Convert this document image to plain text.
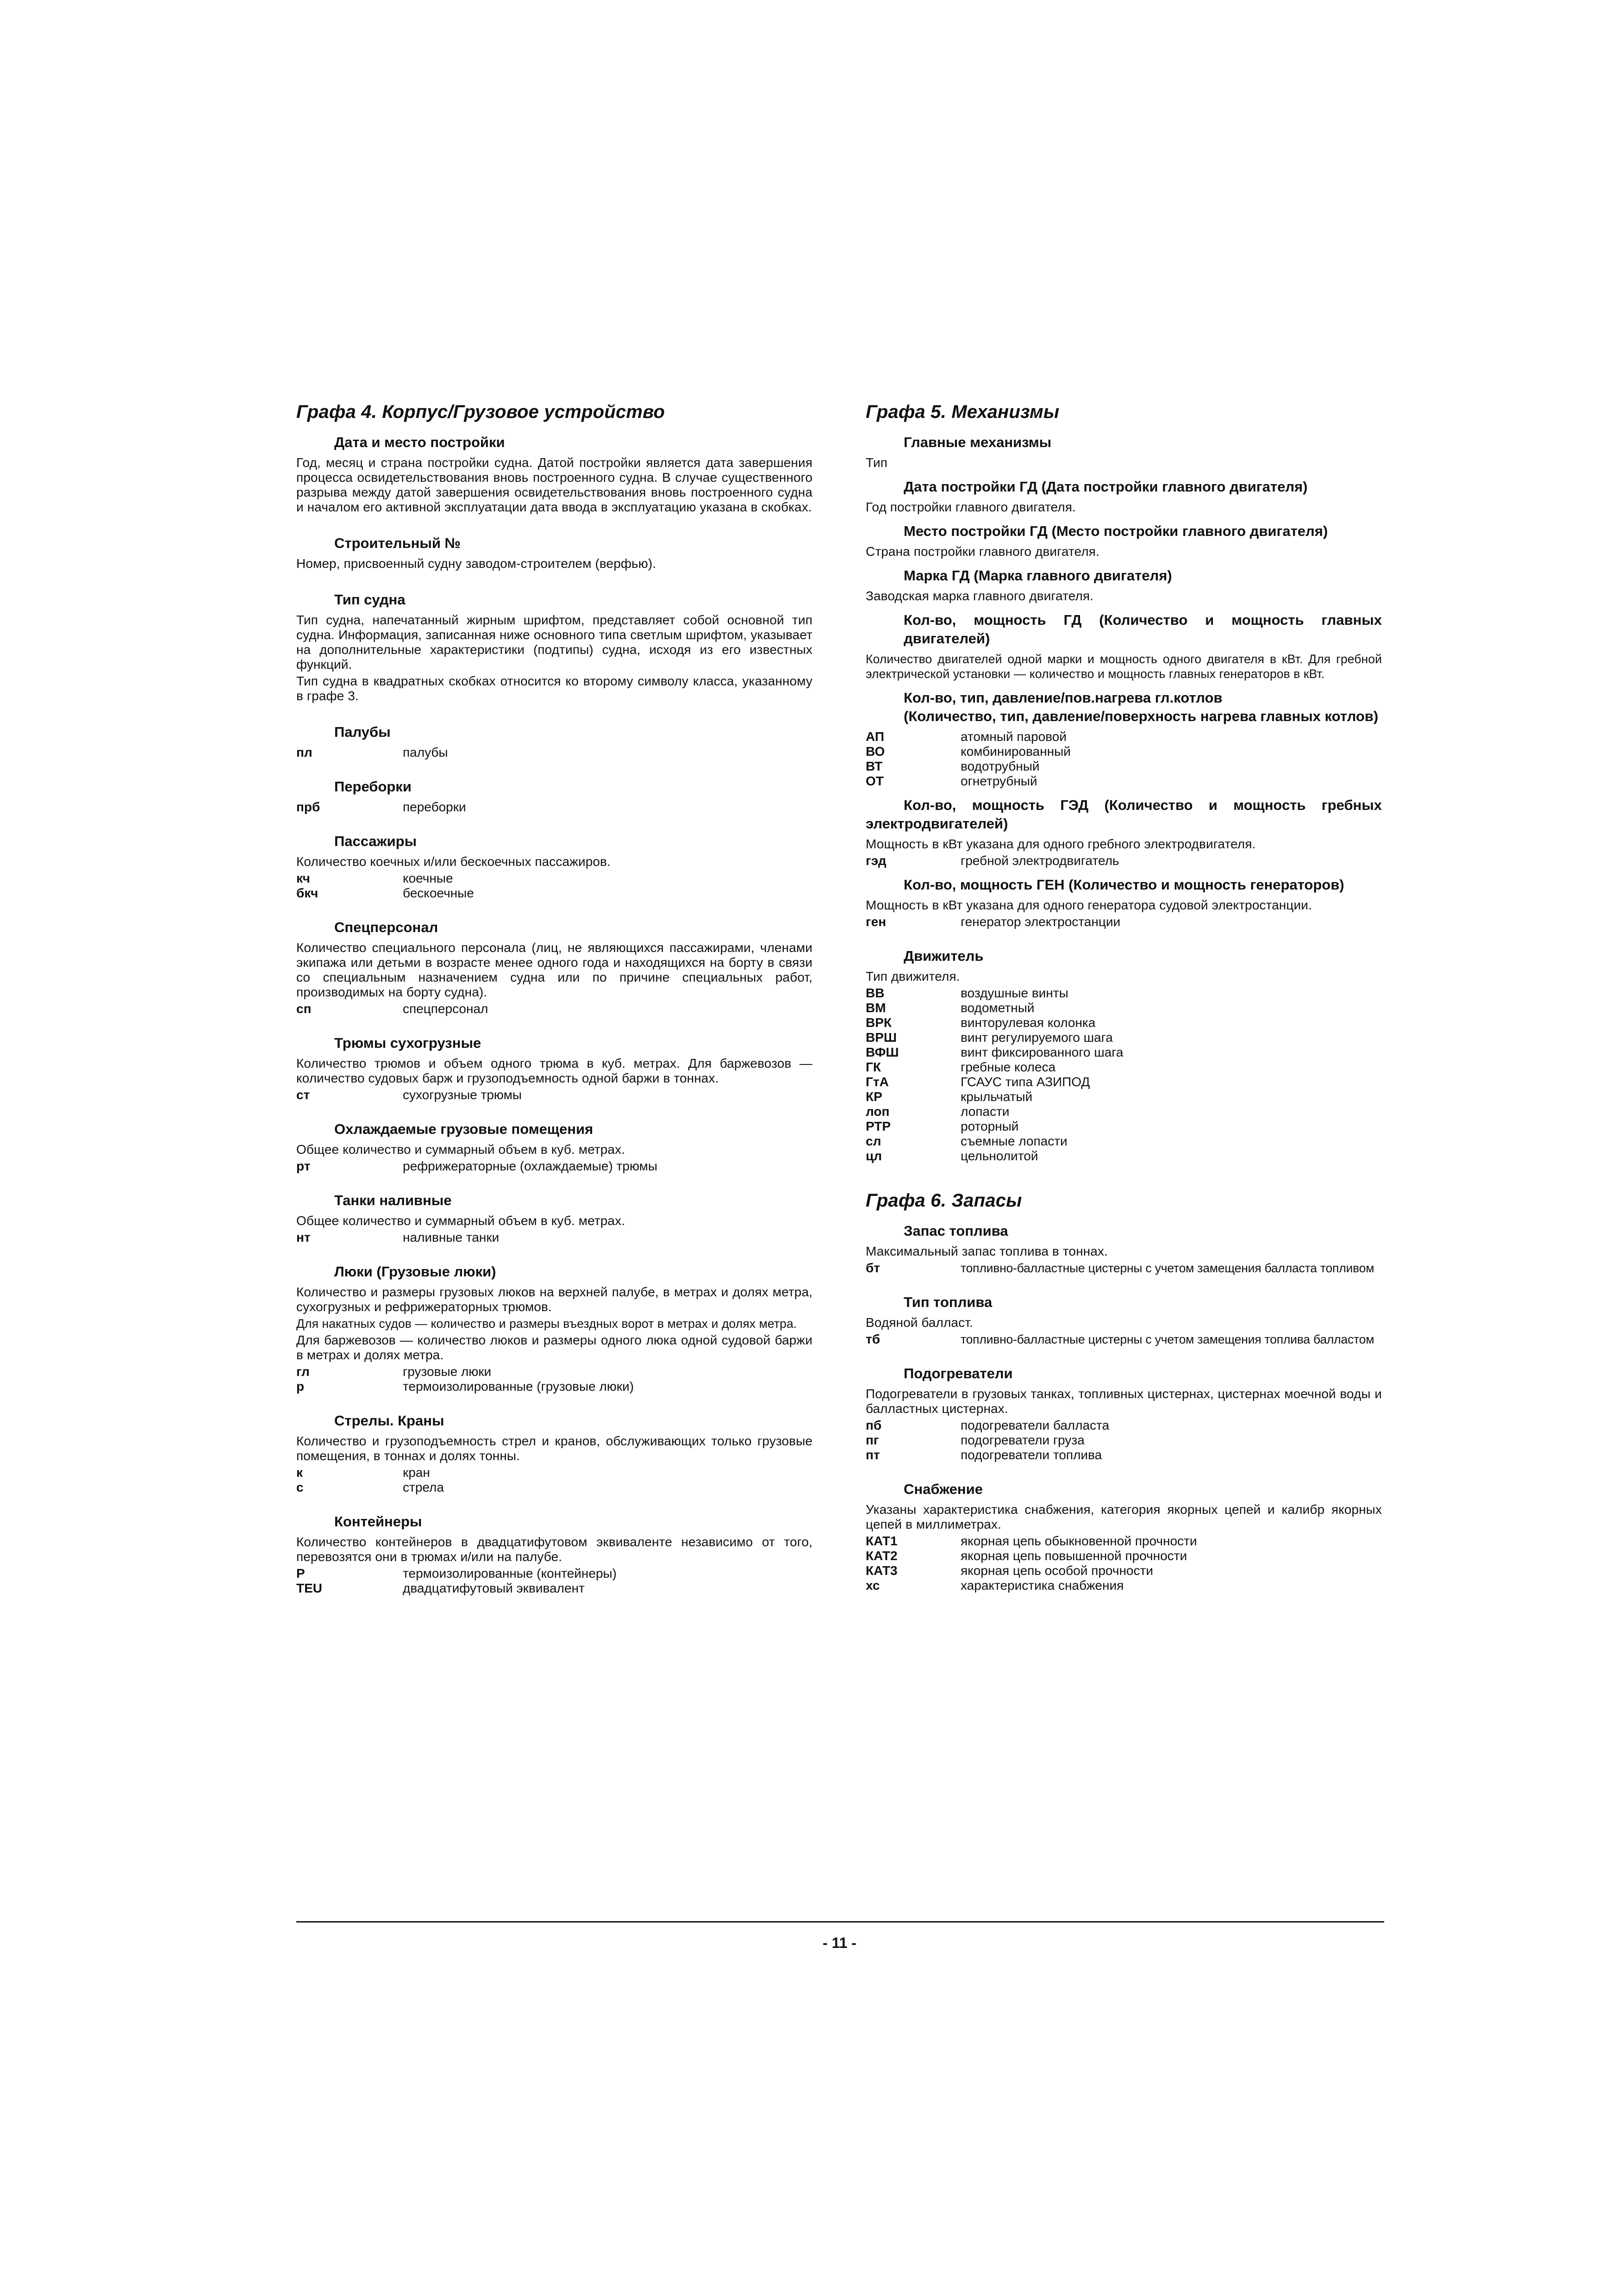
Графа 4. Корпус/Грузовое устройство
Дата и место постройки
Год, месяц и страна постройки судна. Датой постройки является дата завершения процесса освидетельствования вновь построенного судна. В случае существенного разрыва между датой завершения освидетельствования вновь построенного судна и началом его активной эксплуатации дата ввода в эксплуатацию указана в скобках.
Строительный №
Номер, присвоенный судну заводом-строителем (верфью).
Тип судна
Тип судна, напечатанный жирным шрифтом, представляет собой основной тип судна. Информация, записанная ниже основного типа светлым шрифтом, указывает на дополнительные характеристики (подтипы) судна, исходя из его известных функций.
Тип судна в квадратных скобках относится ко второму символу класса, указанному в графе 3.
Палубы
пл	палубы
Переборки
прб	переборки
Пассажиры
Количество коечных и/или бескоечных пассажиров.
кч	коечные
бкч	бескоечные
Спецперсонал
Количество специального персонала (лиц, не являющихся пассажирами, членами экипажа или детьми в возрасте менее одного года и находящихся на борту в связи со специальным назначением судна или по причине специальных работ, производимых на борту судна).
сп	спецперсонал
Трюмы сухогрузные
Количество трюмов и объем одного трюма в куб. метрах. Для баржевозов — количество судовых барж и грузоподъемность одной баржи в тоннах.
ст	сухогрузные трюмы
Охлаждаемые грузовые помещения
Общее количество и суммарный объем в куб. метрах.
рт	рефрижераторные (охлаждаемые) трюмы
Танки наливные
Общее количество и суммарный объем в куб. метрах.
нт	наливные танки
Люки (Грузовые люки)
Количество и размеры грузовых люков на верхней палубе, в метрах и долях метра, сухогрузных и рефрижераторных трюмов.
Для накатных судов — количество и размеры въездных ворот в метрах и долях метра.
Для баржевозов — количество люков и размеры одного люка одной судовой баржи в метрах и долях метра.
гл	грузовые люки
р	термоизолированные (грузовые люки)
Стрелы. Краны
Количество и грузоподъемность стрел и кранов, обслуживающих только грузовые помещения, в тоннах и долях тонны.
к	кран
с	стрела
Контейнеры
Количество контейнеров в двадцатифутовом эквиваленте независимо от того, перевозятся они в трюмах и/или на палубе.
Р	термоизолированные (контейнеры)
TEU	двадцатифутовый эквивалент
Графа 5. Механизмы
Главные механизмы
Тип
Дата постройки ГД (Дата постройки главного двигателя)
Год постройки главного двигателя.
Место постройки ГД (Место постройки главного двигателя)
Страна постройки главного двигателя.
Марка ГД (Марка главного двигателя)
Заводская марка главного двигателя.
Кол-во, мощность ГД (Количество и мощность главных двигателей)
Количество двигателей одной марки и мощность одного двигателя в кВт. Для гребной электрической установки — количество и мощность главных генераторов в кВт.
Кол-во, тип, давление/пов.нагрева гл.котлов
(Количество, тип, давление/поверхность нагрева главных котлов)
АП	атомный паровой
ВО	комбинированный
ВТ	водотрубный
ОТ	огнетрубный
Кол-во, мощность ГЭД (Количество и мощность гребных электродвигателей)
Мощность в кВт указана для одного гребного электродвигателя.
гэд	гребной электродвигатель
Кол-во, мощность ГЕН (Количество и мощность генераторов)
Мощность в кВт указана для одного генератора судовой электростанции.
ген	генератор электростанции
Движитель
Тип движителя.
ВВ	воздушные винты
ВМ	водометный
ВРК	винторулевая колонка
ВРШ	винт регулируемого шага
ВФШ	винт фиксированного шага
ГК	гребные колеса
ГтА	ГСАУС типа АЗИПОД
КР	крыльчатый
лоп	лопасти
РТР	роторный
сл	съемные лопасти
цл	цельнолитой
Графа 6. Запасы
Запас топлива
Максимальный запас топлива в тоннах.
бт	топливно-балластные цистерны с учетом замещения балласта топливом
Тип топлива
Водяной балласт.
тб	топливно-балластные цистерны с учетом замещения топлива балластом
Подогреватели
Подогреватели в грузовых танках, топливных цистернах, цистернах моечной воды и балластных цистернах.
пб	подогреватели балласта
пг	подогреватели груза
пт	подогреватели топлива
Снабжение
Указаны характеристика снабжения, категория якорных цепей и калибр якорных цепей в миллиметрах.
КАТ1	якорная цепь обыкновенной прочности
КАТ2	якорная цепь повышенной прочности
КАТ3	якорная цепь особой прочности
хс	характеристика снабжения
- 11 -
